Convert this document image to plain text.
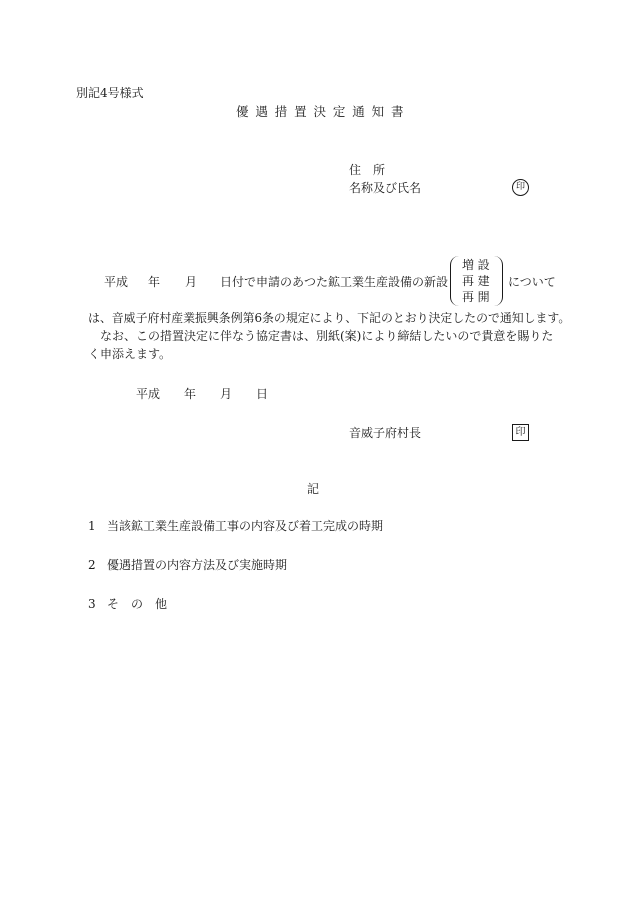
別記4号様式
優遇措置決定通知書
住　所
名称及び氏名	印
平成 年 月 日付で申請のあつた鉱工業生産設備の新設
増設
再建
再開
について
は、音威子府村産業振興条例第6条の規定により、下記のとおり決定したので通知します。
なお、この措置決定に伴なう協定書は、別紙(案)により締結したいので貴意を賜りた
く申添えます。
平成 年 月 日
音威子府村長	印
記
1 当該鉱工業生産設備工事の内容及び着工完成の時期
2 優遇措置の内容方法及び実施時期
3 そ　の　他
